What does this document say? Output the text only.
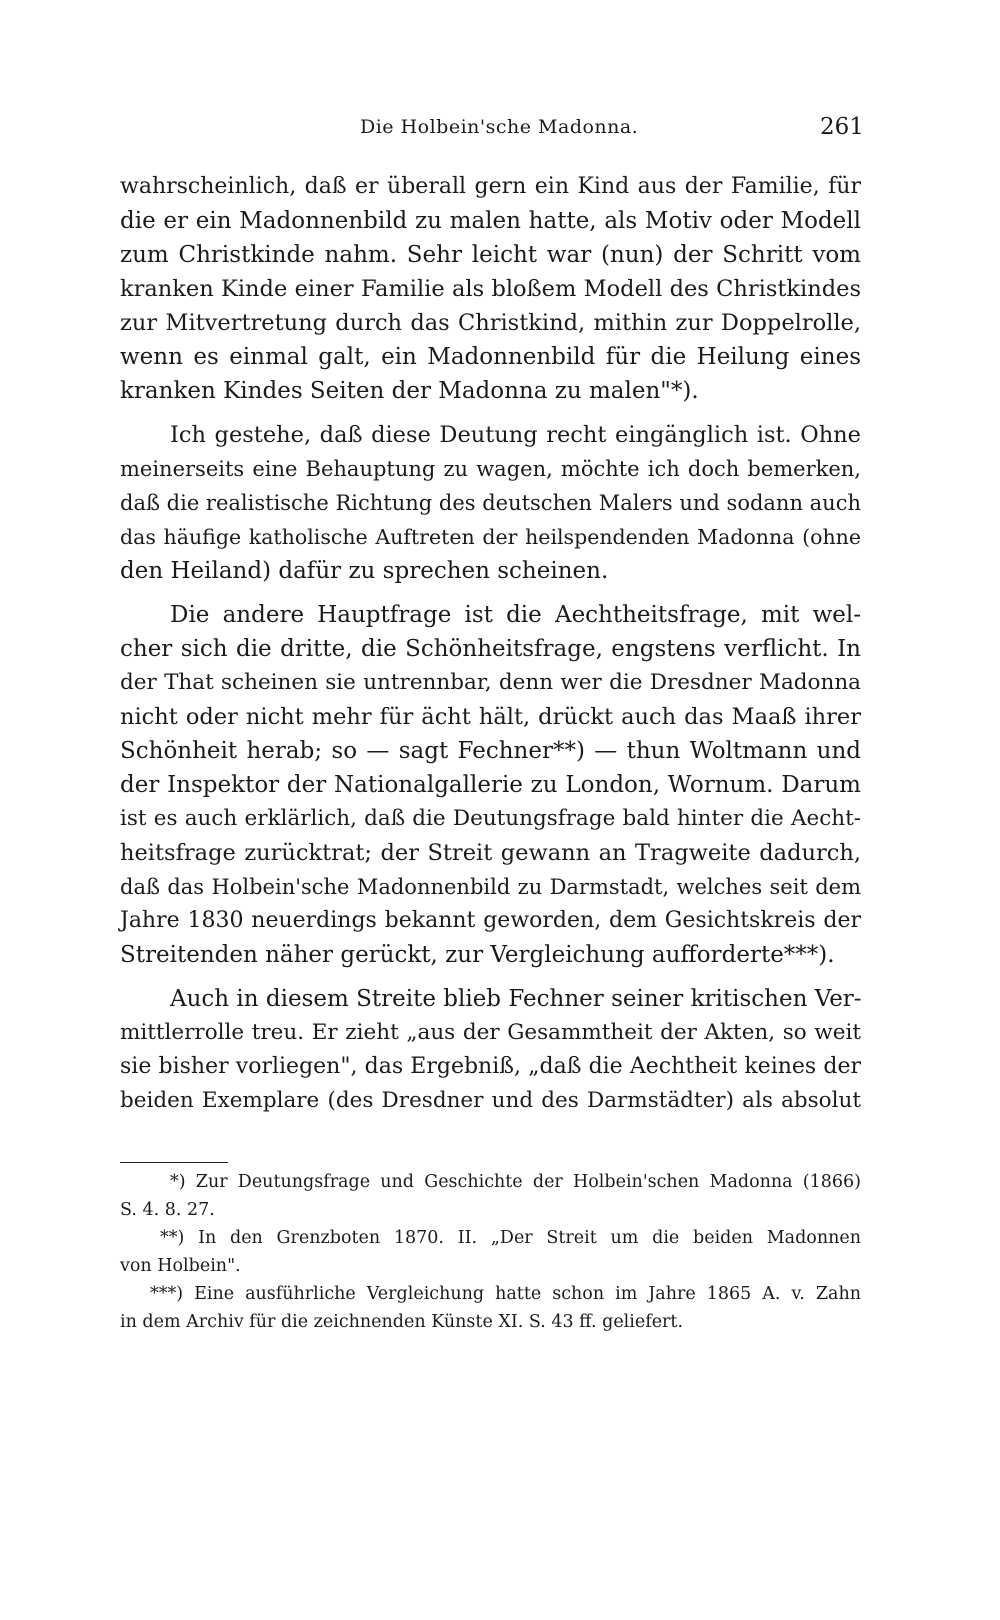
Die Holbein'sche Madonna.	261
wahrscheinlich, daß er überall gern ein Kind aus der Familie, für
die er ein Madonnenbild zu malen hatte, als Motiv oder Modell
zum Christkinde nahm. Sehr leicht war (nun) der Schritt vom
kranken Kinde einer Familie als bloßem Modell des Christkindes
zur Mitvertretung durch das Christkind, mithin zur Doppelrolle,
wenn es einmal galt, ein Madonnenbild für die Heilung eines
kranken Kindes Seiten der Madonna zu malen"*).
Ich gestehe, daß diese Deutung recht eingänglich ist. Ohne
meinerseits eine Behauptung zu wagen, möchte ich doch bemerken,
daß die realistische Richtung des deutschen Malers und sodann auch
das häufige katholische Auftreten der heilspendenden Madonna (ohne
den Heiland) dafür zu sprechen scheinen.
Die andere Hauptfrage ist die Aechtheitsfrage, mit wel-
cher sich die dritte, die Schönheitsfrage, engstens verflicht. In
der That scheinen sie untrennbar, denn wer die Dresdner Madonna
nicht oder nicht mehr für ächt hält, drückt auch das Maaß ihrer
Schönheit herab; so — sagt Fechner**) — thun Woltmann und
der Inspektor der Nationalgallerie zu London, Wornum. Darum
ist es auch erklärlich, daß die Deutungsfrage bald hinter die Aecht-
heitsfrage zurücktrat; der Streit gewann an Tragweite dadurch,
daß das Holbein'sche Madonnenbild zu Darmstadt, welches seit dem
Jahre 1830 neuerdings bekannt geworden, dem Gesichtskreis der
Streitenden näher gerückt, zur Vergleichung aufforderte***).
Auch in diesem Streite blieb Fechner seiner kritischen Ver-
mittlerrolle treu. Er zieht „aus der Gesammtheit der Akten, so weit
sie bisher vorliegen", das Ergebniß, „daß die Aechtheit keines der
beiden Exemplare (des Dresdner und des Darmstädter) als absolut
*) Zur Deutungsfrage und Geschichte der Holbein'schen Madonna (1866)
S. 4. 8. 27.
**) In den Grenzboten 1870. II. „Der Streit um die beiden Madonnen
von Holbein".
***) Eine ausführliche Vergleichung hatte schon im Jahre 1865 A. v. Zahn
in dem Archiv für die zeichnenden Künste XI. S. 43 ff. geliefert.
